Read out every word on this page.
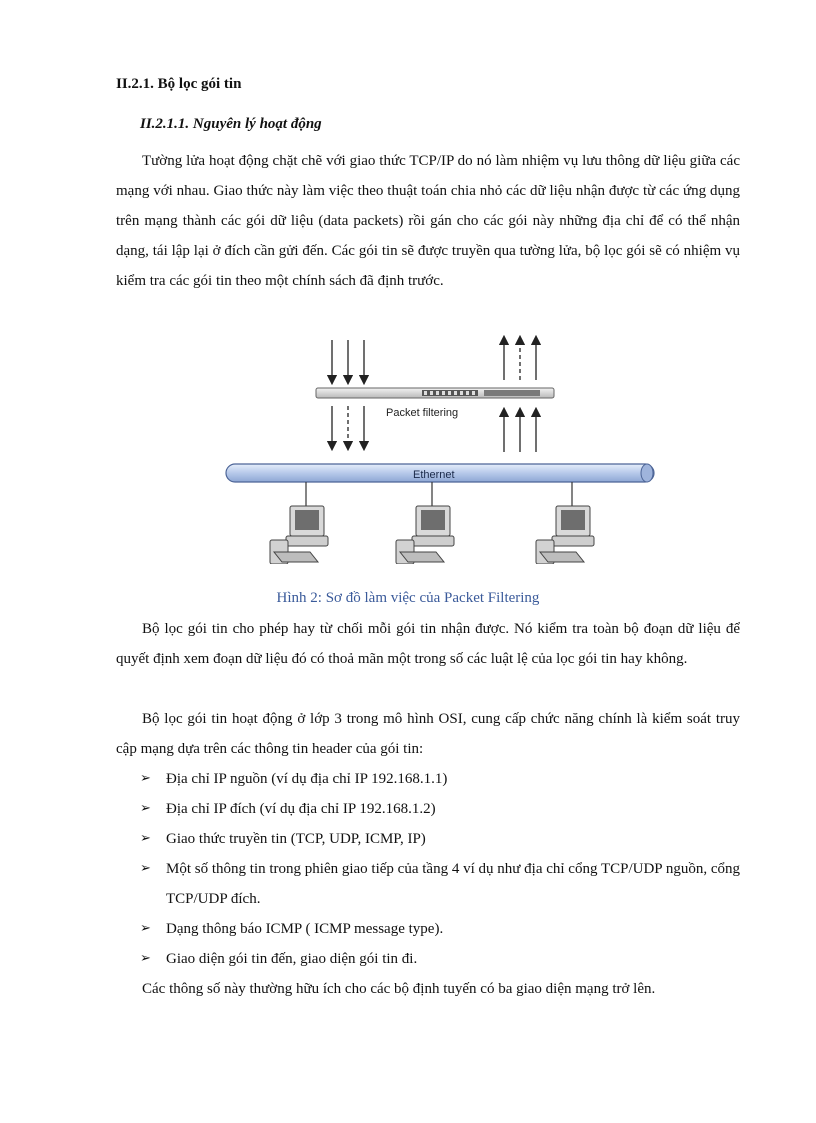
II.2.1. Bộ lọc gói tin
II.2.1.1. Nguyên lý hoạt động

Tường lửa hoạt động chặt chẽ với giao thức TCP/IP do nó làm nhiệm vụ lưu thông dữ liệu giữa các mạng với nhau. Giao thức này làm việc theo thuật toán chia nhỏ các dữ liệu nhận được từ các ứng dụng trên mạng thành các gói dữ liệu (data packets) rồi gán cho các gói này những địa chỉ để có thể nhận dạng, tái lập lại ở đích cần gửi đến. Các gói tin sẽ được truyền qua tường lửa, bộ lọc gói sẽ có nhiệm vụ kiểm tra các gói tin theo một chính sách đã định trước.

Packet filtering
Ethernet
Hình 2: Sơ đồ làm việc của Packet Filtering

Bộ lọc gói tin cho phép hay từ chối mỗi gói tin nhận được. Nó kiểm tra toàn bộ đoạn dữ liệu để quyết định xem đoạn dữ liệu đó có thoả mãn một trong số các luật lệ của lọc gói tin hay không.

Bộ lọc gói tin hoạt động ở lớp 3 trong mô hình OSI, cung cấp chức năng chính là kiểm soát truy cập mạng dựa trên các thông tin header của gói tin:

➢ Địa chỉ IP nguồn (ví dụ địa chỉ IP 192.168.1.1)
➢ Địa chỉ IP đích (ví dụ địa chỉ IP 192.168.1.2)
➢ Giao thức truyền tin (TCP, UDP, ICMP, IP)
➢ Một số thông tin trong phiên giao tiếp của tầng 4 ví dụ như địa chỉ cổng TCP/UDP nguồn, cổng TCP/UDP đích.
➢ Dạng thông báo ICMP ( ICMP message type).
➢ Giao diện gói tin đến, giao diện gói tin đi.

Các thông số này thường hữu ích cho các bộ định tuyến có ba giao diện mạng trở lên.
